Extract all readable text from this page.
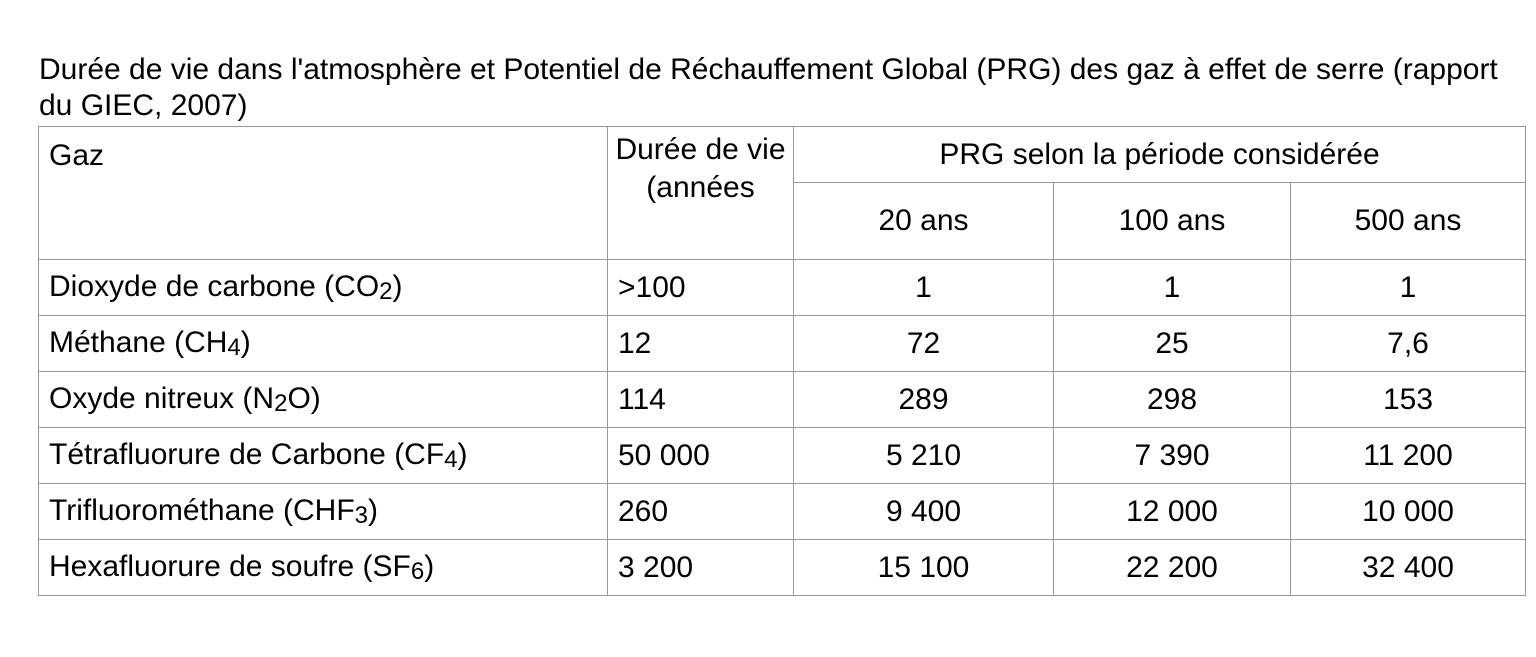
Durée de vie dans l'atmosphère et Potentiel de Réchauffement Global (PRG) des gaz à effet de serre (rapport du GIEC, 2007)

Gaz	Durée de vie (années	PRG selon la période considérée		
		20 ans	100 ans	500 ans
Dioxyde de carbone $(CO_2)$	>100	1	1	1
Méthane $(CH_4)$	12	72	25	7,6
Oxyde nitreux $(N_2O)$	114	289	298	153
Tétrafluorure de Carbone $(CF_4)$	50 000	5 210	7 390	11 200
Trifluorométhane $(CHF_3)$	260	9 400	12 000	10 000
Hexafluorure de soufre $(SF_6)$	3 200	15 100	22 200	32 400
